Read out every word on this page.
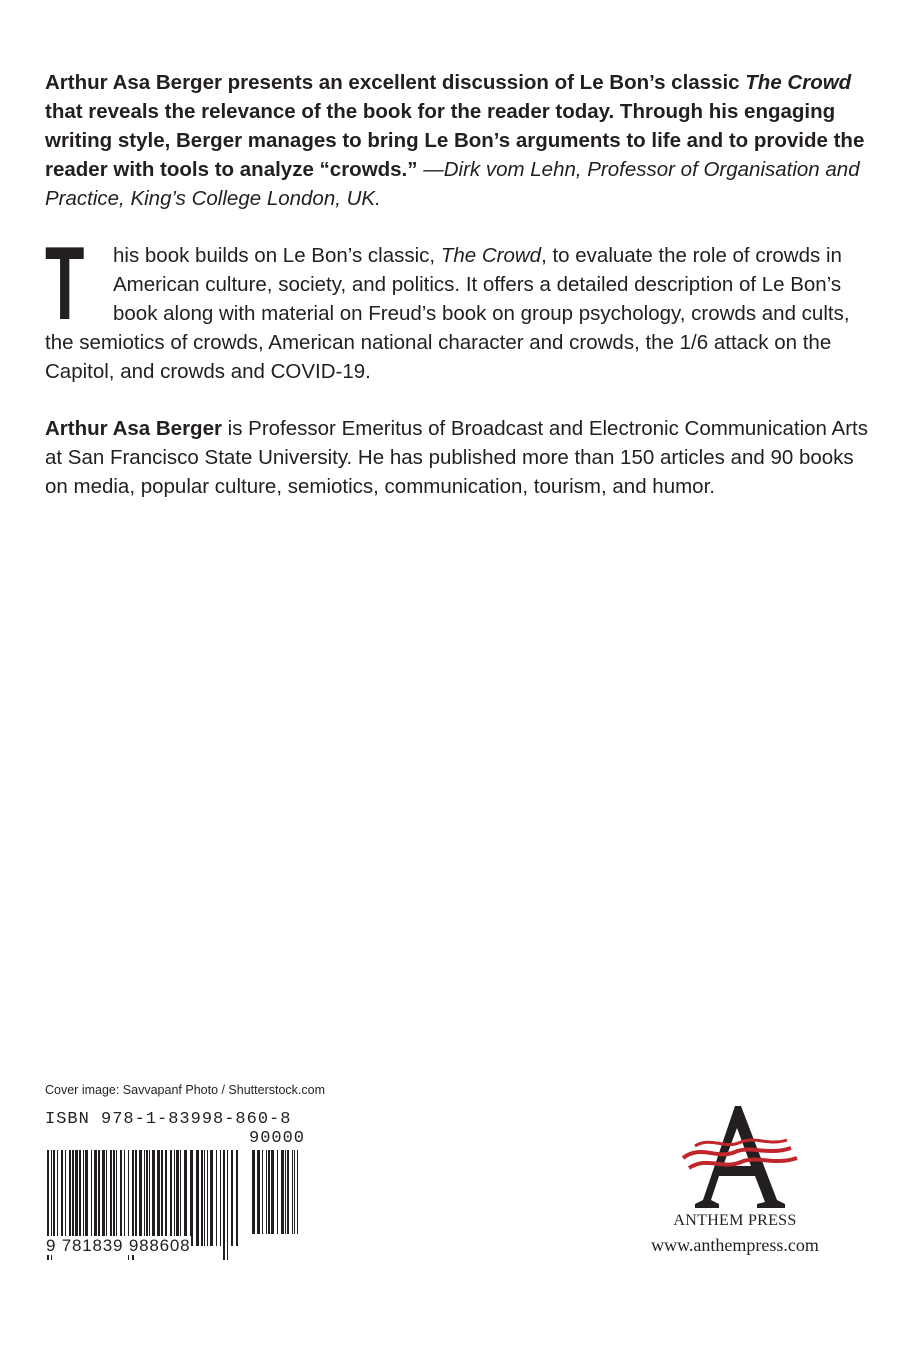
Arthur Asa Berger presents an excellent discussion of Le Bon’s classic The Crowd that reveals the relevance of the book for the reader today. Through his engaging writing style, Berger manages to bring Le Bon’s arguments to life and to provide the reader with tools to analyze “crowds.” —Dirk vom Lehn, Professor of Organisation and Practice, King’s College London, UK.

T his book builds on Le Bon’s classic, The Crowd, to evaluate the role of crowds in American culture, society, and politics. It offers a detailed description of Le Bon’s book along with material on Freud’s book on group psychology, crowds and cults, the semiotics of crowds, American national character and crowds, the 1/6 attack on the Capitol, and crowds and COVID-19.

Arthur Asa Berger is Professor Emeritus of Broadcast and Electronic Communication Arts at San Francisco State University. He has published more than 150 articles and 90 books on media, popular culture, semiotics, communication, tourism, and humor.

Cover image: Savvapanf Photo / Shutterstock.com
ISBN 978-1-83998-860-8
90000
9 781839 988608
ANTHEM PRESS
www.anthempress.com
